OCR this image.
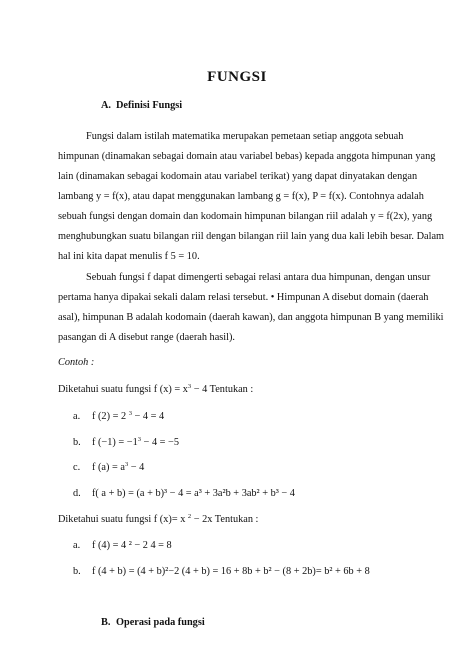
FUNGSI
A. Definisi Fungsi
Fungsi dalam istilah matematika merupakan pemetaan setiap anggota sebuah
himpunan (dinamakan sebagai domain atau variabel bebas) kepada anggota himpunan yang
lain (dinamakan sebagai kodomain atau variabel terikat) yang dapat dinyatakan dengan
lambang y = f(x), atau dapat menggunakan lambang g = f(x), P = f(x). Contohnya adalah
sebuah fungsi dengan domain dan kodomain himpunan bilangan riil adalah y = f(2x), yang
menghubungkan suatu bilangan riil dengan bilangan riil lain yang dua kali lebih besar. Dalam
hal ini kita dapat menulis f 5 = 10.
Sebuah fungsi f dapat dimengerti sebagai relasi antara dua himpunan, dengan unsur
pertama hanya dipakai sekali dalam relasi tersebut. • Himpunan A disebut domain (daerah
asal), himpunan B adalah kodomain (daerah kawan), dan anggota himpunan B yang memiliki
pasangan di A disebut range (daerah hasil).
Contoh :
Diketahui suatu fungsi f $(x) = x^3 - 4$ Tentukan :
a. f (2) = 2 $^3$ − 4 = 4
b. f $(-1) = -1^3 - 4 = -5$
c. f $(a) = a^3 - 4$
d. f( a + b) = (a + b)³ − 4 = a³ + 3a²b + 3ab² + b³ − 4
Diketahui suatu fungsi f (x)= x $^2$ − 2x Tentukan :
a. f (4) = 4 ² − 2 4 = 8
b. f (4 + b) = (4 + b)²−2 (4 + b) = 16 + 8b + b² − (8 + 2b)= b² + 6b + 8
B. Operasi pada fungsi
